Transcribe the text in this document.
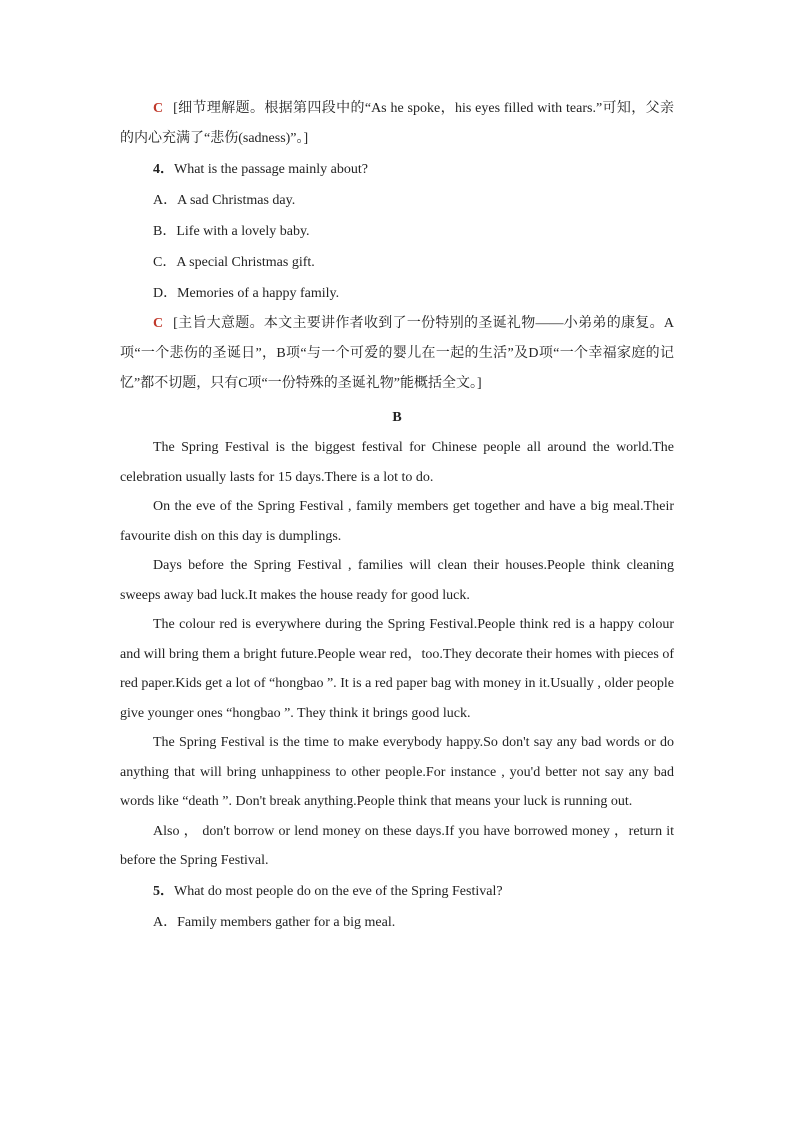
C [细节理解题。根据第四段中的“As he spoke，his eyes filled with tears.”可知，父亲的内心充满了“悲伤(sadness)”。]
4．What is the passage mainly about?
A．A sad Christmas day.
B．Life with a lovely baby.
C．A special Christmas gift.
D．Memories of a happy family.
C [主旨大意题。本文主要讲作者收到了一份特别的圣诞礼物——小弟弟的康复。A项“一个悲伤的圣诞日”，B项“与一个可爱的婴儿在一起的生活”及D项“一个幸福家庭的记忆”都不切题，只有C项“一份特殊的圣诞礼物”能概括全文。]
B
The Spring Festival is the biggest festival for Chinese people all around the world.The celebration usually lasts for 15 days.There is a lot to do.
On the eve of the Spring Festival , family members get together and have a big meal.Their favourite dish on this day is dumplings.
Days before the Spring Festival , families will clean their houses.People think cleaning sweeps away bad luck.It makes the house ready for good luck.
The colour red is everywhere during the Spring Festival.People think red is a happy colour and will bring them a bright future.People wear red，too.They decorate their homes with pieces of red paper.Kids get a lot of “hongbao ”. It is a red paper bag with money in it.Usually , older people give younger ones “hongbao ”. They think it brings good luck.
The Spring Festival is the time to make everybody happy.So don't say any bad words or do anything that will bring unhappiness to other people.For instance , you'd better not say any bad words like “death ”. Don't break anything.People think that means your luck is running out.
Also ， don't borrow or lend money on these days.If you have borrowed money ，return it before the Spring Festival.
5．What do most people do on the eve of the Spring Festival?
A．Family members gather for a big meal.
